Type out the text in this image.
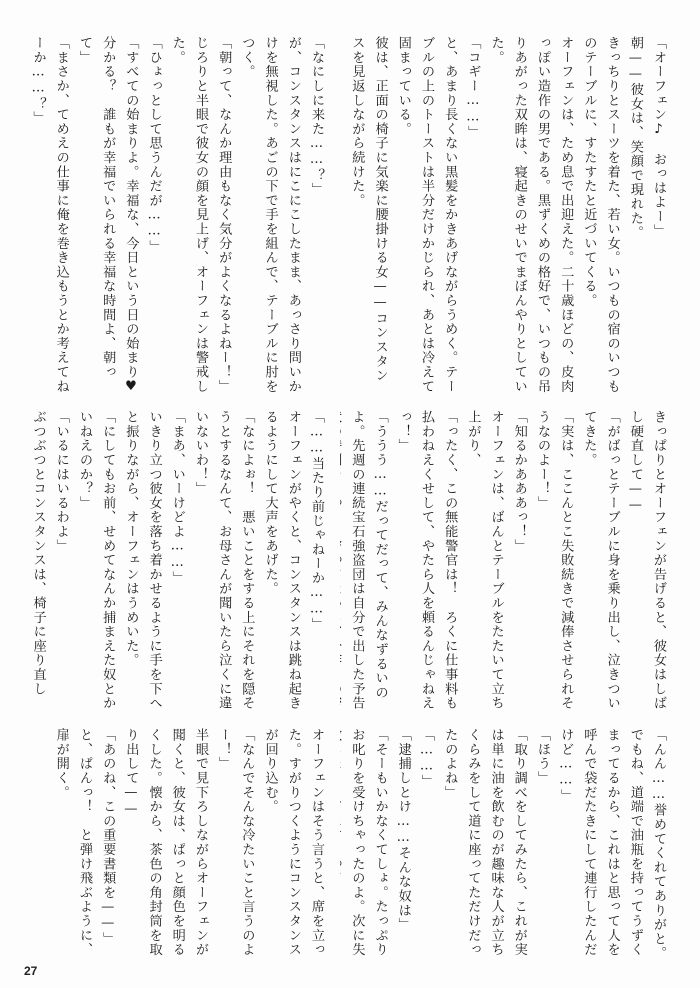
「オーフェン♪　おっはよー」
朝——彼女は、笑顔で現れた。
きっちりとスーツを着た、若い女。いつもの宿のいつものテーブルに、すたすたと近づいてくる。
オーフェンは、ため息で出迎えた。二十歳ほどの、皮肉っぽい造作の男である。黒ずくめの格好で、いつもの吊りあがった双眸は、寝起きのせいでまぼんやりとしていた。
「コギー……」
と、あまり長くない黒髪をかきあげながらうめく。テーブルの上のトーストは半分だけかじられ、あとは冷えて固まっている。
彼は、正面の椅子に気楽に腰掛ける女——コンスタンスを見返しながら続けた。

「なにしに来た……？」
が、コンスタンスはにこにこしたまま、あっさり問いかけを無視した。あごの下で手を組んで、テーブルに肘をつく。
「朝って、なんか理由もなく気分がよくなるよねー！」
じろりと半眼で彼女の顔を見上げ、オーフェンは警戒した。
「ひょっとして思うんだが……」
「すべての始まりよ。幸福な、今日という日の始まり♥　分かる？　誰もが幸福でいられる幸福な時間よ、朝って」
「まさか、てめえの仕事に俺を巻き込もうとか考えてねーか……？」

きっぱりとオーフェンが告げると、彼女はしばし硬直して——
「がばっとテーブルに身を乗り出し、泣きついてきた。
「実は、ここんとこ失敗続きで減俸させられそうなのよー！」
「知るかあああっ！」
オーフェンは、ばんとテーブルをたたいて立ち上がり、
「ったく、この無能警官は！　ろくに仕事料も払わねえくせして、やたら人を頼るんじゃねえっ！」
「ううう……だってだって、みんなずるいのよ。先週の連続宝石強盗団は自分で出した予告

「……当たり前じゃねーか……」
オーフェンがやくと、コンスタンスは跳ね起きるようにして大声をあげた。
「なによぉ！　悪いことをする上にそれを隠そうとするなんて、お母さんが聞いたら泣くに違いないわ！」
「まあ、いーけどよ……」
いきり立つ彼女を落ち着かせるように手を下へと振りながら、オーフェンはうめいた。
「にしてもお前、せめてなんか捕まえた奴とかいねえのか？」
「いるにはいるわよ」
ぶつぶつとコンスタンスは、椅子に座り直し

「んん……誉めてくれてありがと。でもね、道端で油瓶を持ってうずくまってるから、これはと思って人を呼んで袋だたきにして連行したんだけど……」
「ほう」
「取り調べをしてみたら、これが実は単に油を飲むのが趣味な人が立ちくらみをして道に座ってただけだったのよね」
「……」
「逮捕しとけ……そんな奴は」
「そーもいかなくてしょ。たっぷりお叱りを受けちゃったのよ。次に失

オーフェンはそう言うと、席を立った。すがりつくようにコンスタンスが回り込む。
「なんでそんな冷たいこと言うのよー！」
半眼で見下ろしながらオーフェンが聞くと、彼女は、ぱっと顔色を明るくした。懐から、茶色の角封筒を取り出して——
「あのね、この重要書類を——」
と、ぱんっ！　と弾け飛ぶように、扉が開く。

27
